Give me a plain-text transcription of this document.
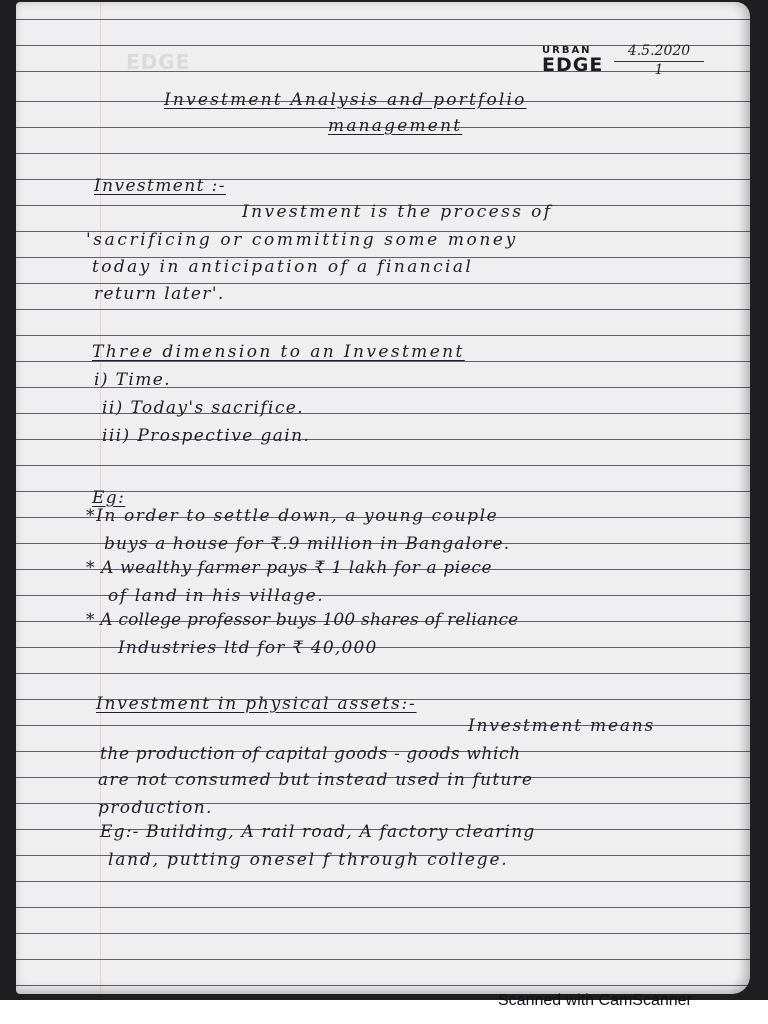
EDGE	URBAN
EDGE
4.5.2020
1

Investment Analysis and portfolio

management

Investment :-

Investment is the process of

'sacrificing or committing some money

today in anticipation of a financial

return later'.

Three dimension to an Investment

i) Time.

ii) Today's sacrifice.

iii) Prospective gain.

Eg:

*In order to settle down, a young couple

buys a house for ₹.9 million in Bangalore.

* A wealthy farmer pays ₹ 1 lakh for a piece

of land in his village.

* A college professor buys 100 shares of reliance

Industries ltd for ₹ 40,000

Investment in physical assets:-

Investment means

the production of capital goods - goods which

are not consumed but instead used in future

production.

Eg:- Building, A rail road, A factory clearing

land, putting onesel f through college.

Scanned with CamScanner
